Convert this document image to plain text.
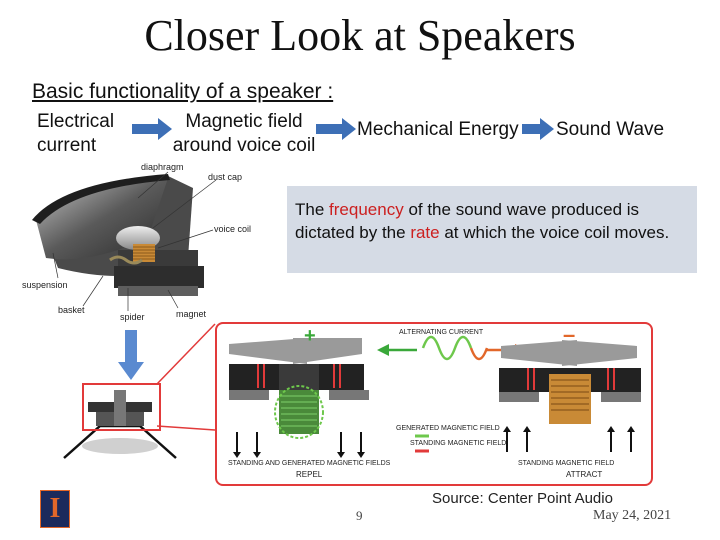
Closer Look at Speakers
Basic functionality of a speaker :
Electrical
current
Magnetic field
around voice coil
Mechanical Energy Sound Wave
diaphragm
dust cap
voice coil
suspension
basket
spider	magnet
The frequency of the sound wave produced is dictated by the rate at which the voice coil moves.
+	–
ALTERNATING CURRENT
GENERATED MAGNETIC FIELD
STANDING MAGNETIC FIELD
STANDING AND GENERATED MAGNETIC FIELDS
REPEL
STANDING MAGNETIC FIELD
ATTRACT
I	Source: Center Point Audio
9	May 24, 2021
